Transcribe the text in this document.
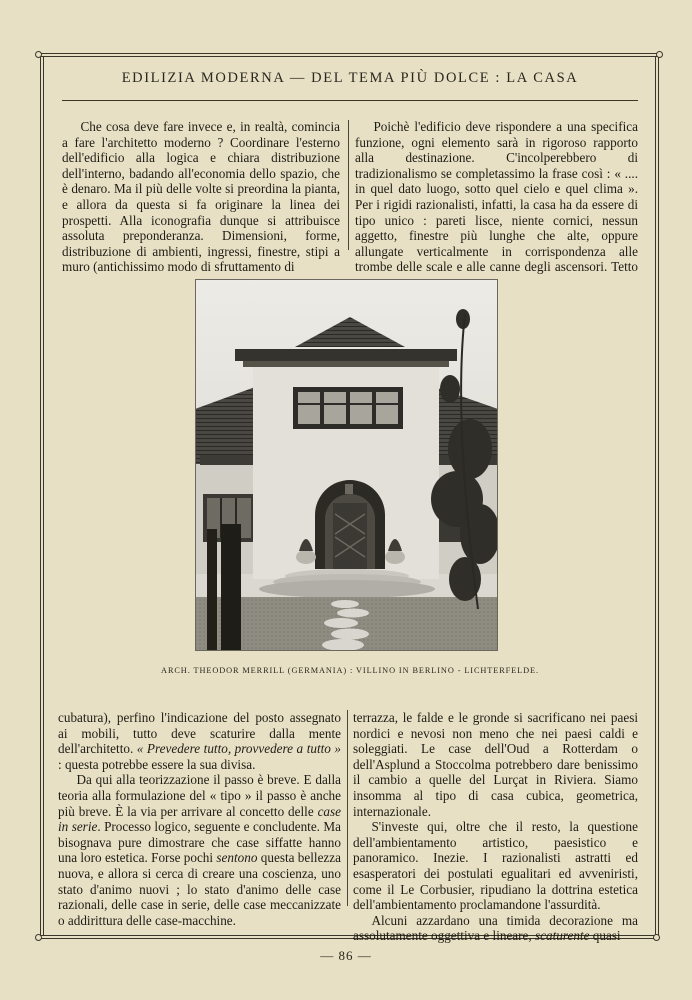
EDILIZIA MODERNA — DEL TEMA PIÙ DOLCE : LA CASA

Che cosa deve fare invece e, in realtà, comincia a fare l'architetto moderno ? Coordinare l'esterno dell'edificio alla logica e chiara distribuzione dell'interno, badando all'economia dello spazio, che è denaro. Ma il più delle volte si preordina la pianta, e allora da questa si fa originare la linea dei prospetti. Alla iconografia dunque si attribuisce assoluta preponderanza. Dimensioni, forme, distribuzione di ambienti, ingressi, finestre, stipi a muro (antichissimo modo di sfruttamento di

Poichè l'edificio deve rispondere a una specifica funzione, ogni elemento sarà in rigoroso rapporto alla destinazione. C'incolperebbero di tradizionalismo se completassimo la frase così : « .... in quel dato luogo, sotto quel cielo e quel clima ». Per i rigidi razionalisti, infatti, la casa ha da essere di tipo unico : pareti lisce, niente cornici, nessun aggetto, finestre più lunghe che alte, oppure allungate verticalmente in corrispondenza alle trombe delle scale e alle canne degli ascensori. Tetto

ARCH. THEODOR MERRILL (GERMANIA) : VILLINO IN BERLINO - LICHTERFELDE.

cubatura), perfino l'indicazione del posto assegnato ai mobili, tutto deve scaturire dalla mente dell'architetto. « Prevedere tutto, provvedere a tutto » : questa potrebbe essere la sua divisa.

Da qui alla teorizzazione il passo è breve. E dalla teoria alla formulazione del « tipo » il passo è anche più breve. È la via per arrivare al concetto delle case in serie. Processo logico, seguente e concludente. Ma bisognava pure dimostrare che case siffatte hanno una loro estetica. Forse pochi sentono questa bellezza nuova, e allora si cerca di creare una coscienza, uno stato d'animo nuovi ; lo stato d'animo delle case razionali, delle case in serie, delle case meccanizzate o addirittura delle case-macchine.

terrazza, le falde e le gronde si sacrificano nei paesi nordici e nevosi non meno che nei paesi caldi e soleggiati. Le case dell'Oud a Rotterdam o dell'Asplund a Stoccolma potrebbero dare benissimo il cambio a quelle del Lurçat in Riviera. Siamo insomma al tipo di casa cubica, geometrica, internazionale.

S'investe qui, oltre che il resto, la questione dell'ambientamento artistico, paesistico e panoramico. Inezie. I razionalisti astratti ed esasperatori dei postulati egualitari ed avveniristi, come il Le Corbusier, ripudiano la dottrina estetica dell'ambientamento proclamandone l'assurdità.

Alcuni azzardano una timida decorazione ma assolutamente oggettiva e lineare, scaturente quasi

— 86 —
